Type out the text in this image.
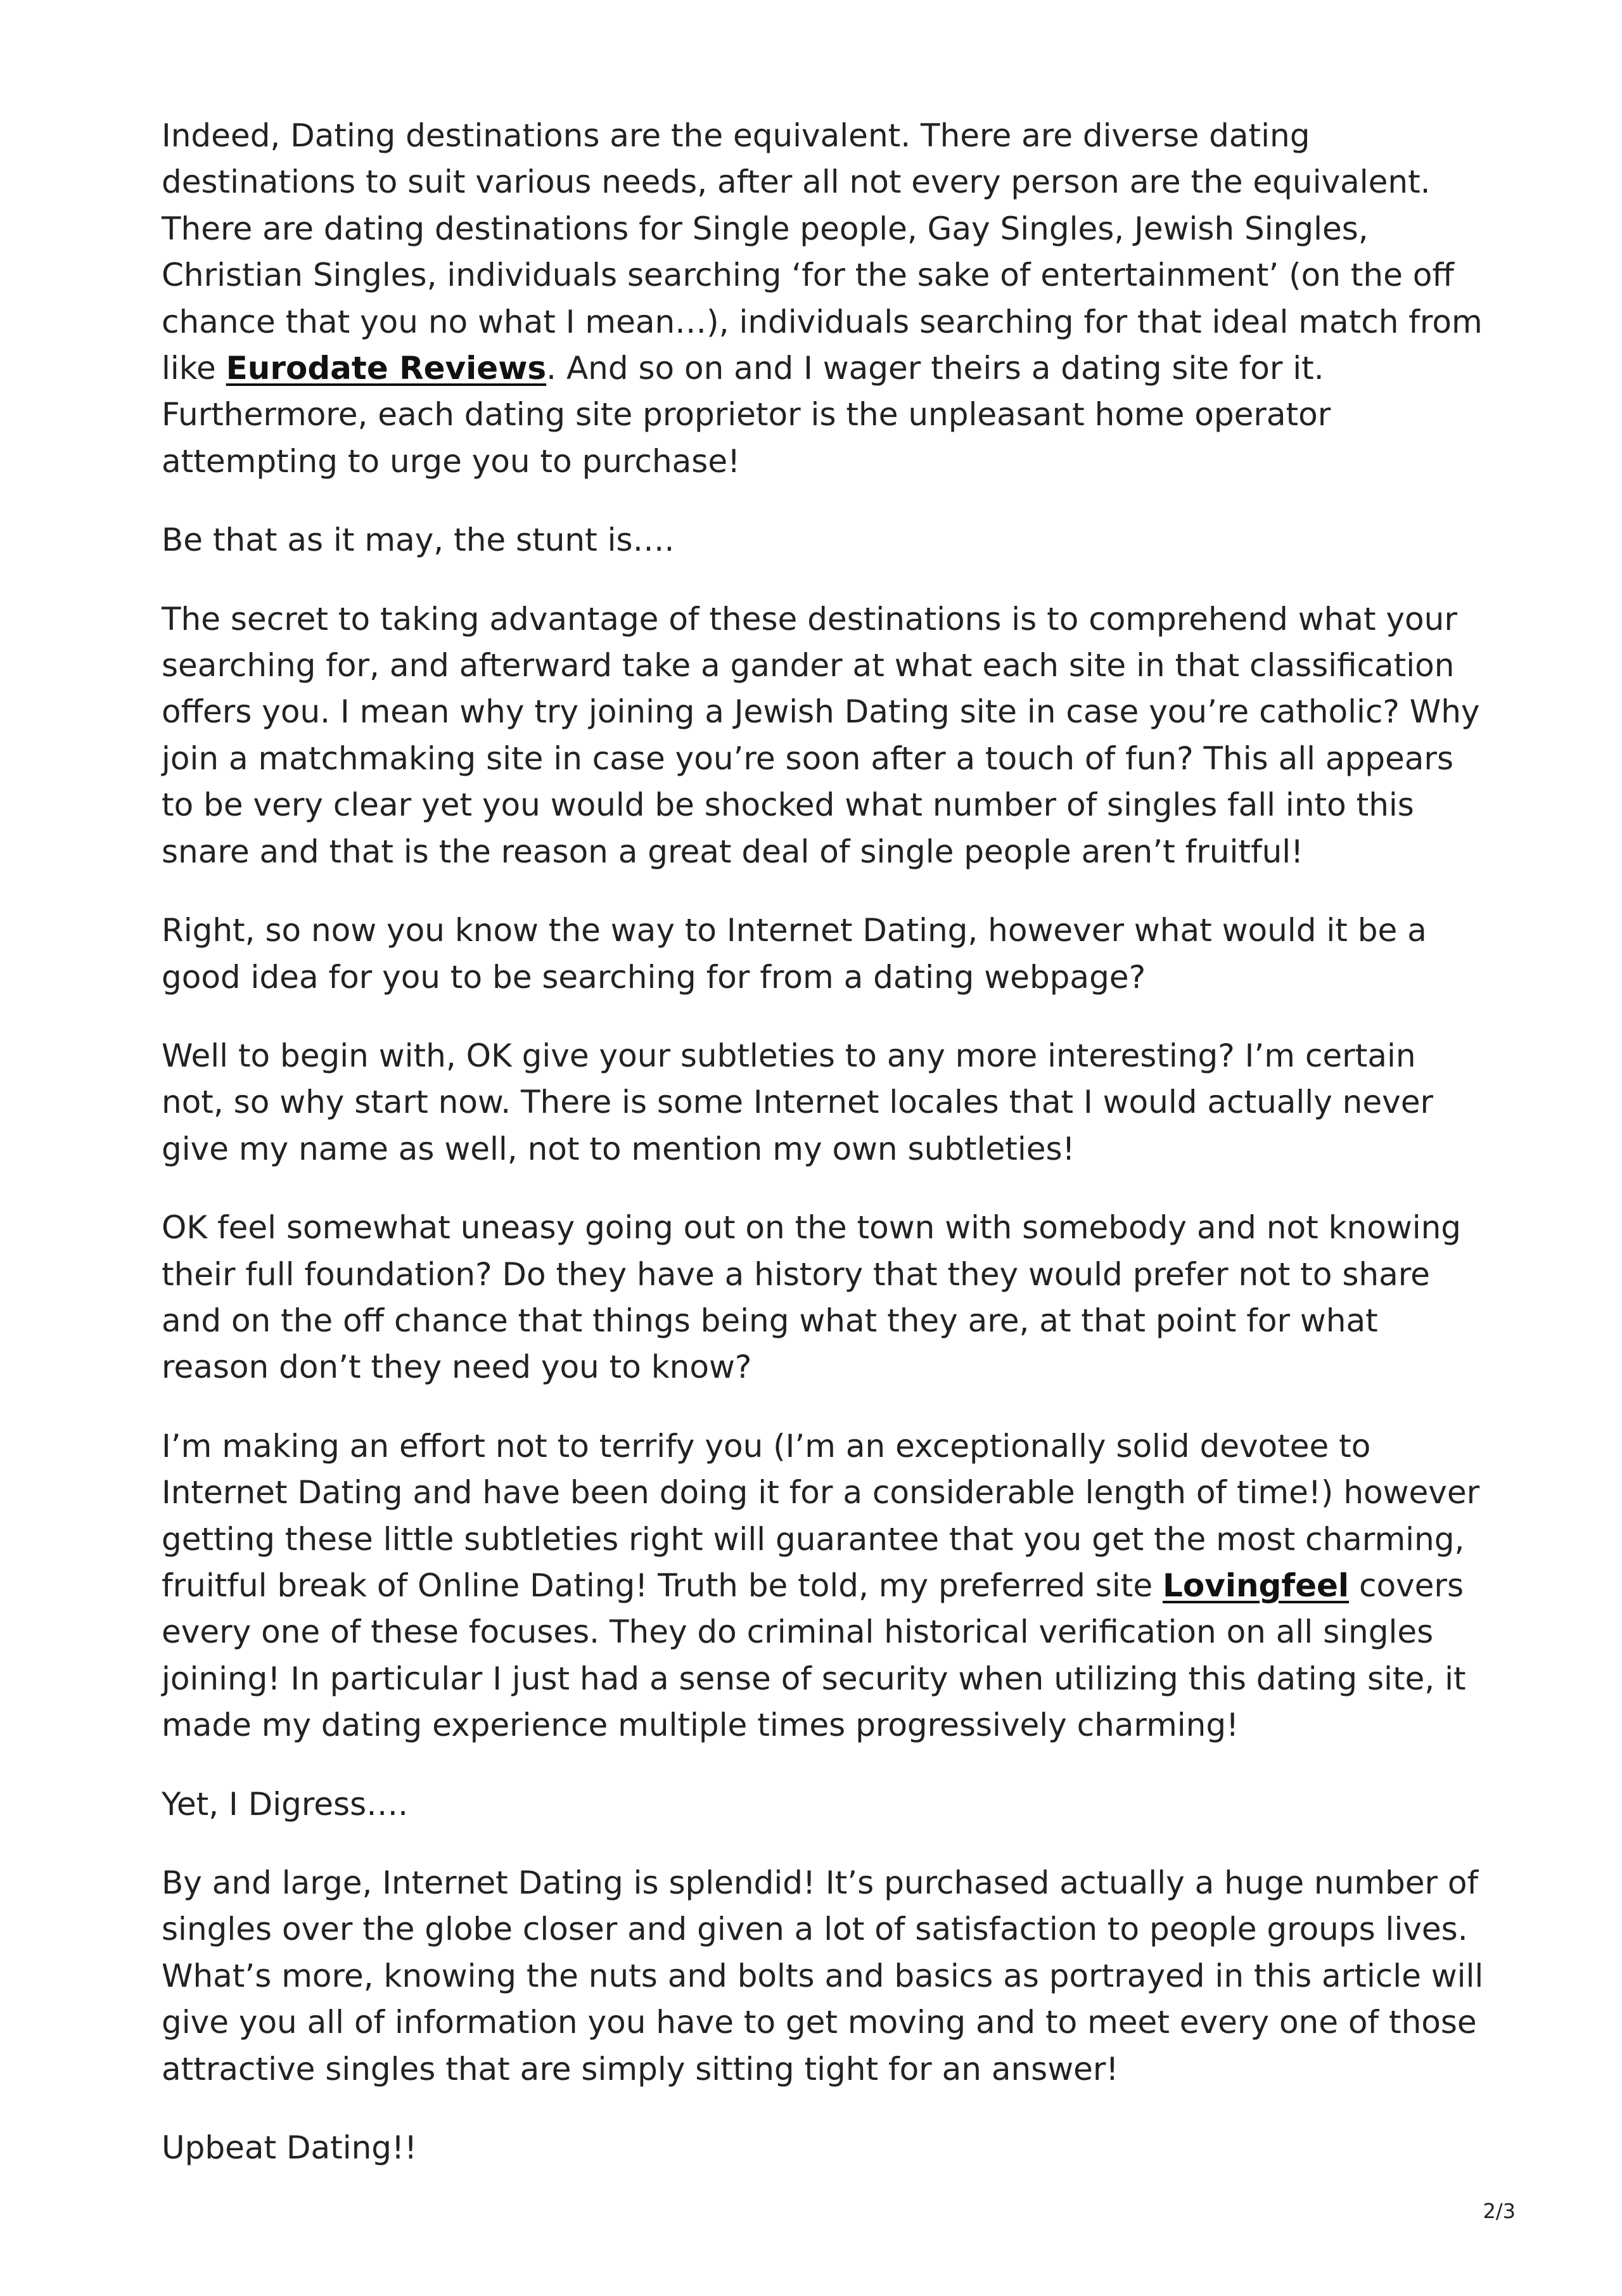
Indeed, Dating destinations are the equivalent. There are diverse dating destinations to suit various needs, after all not every person are the equivalent. There are dating destinations for Single people, Gay Singles, Jewish Singles, Christian Singles, individuals searching ‘for the sake of entertainment’ (on the off chance that you no what I mean…), individuals searching for that ideal match from like Eurodate Reviews. And so on and I wager theirs a dating site for it. Furthermore, each dating site proprietor is the unpleasant home operator attempting to urge you to purchase!

Be that as it may, the stunt is….

The secret to taking advantage of these destinations is to comprehend what your searching for, and afterward take a gander at what each site in that classification offers you. I mean why try joining a Jewish Dating site in case you’re catholic? Why join a matchmaking site in case you’re soon after a touch of fun? This all appears to be very clear yet you would be shocked what number of singles fall into this snare and that is the reason a great deal of single people aren’t fruitful!

Right, so now you know the way to Internet Dating, however what would it be a good idea for you to be searching for from a dating webpage?

Well to begin with, OK give your subtleties to any more interesting? I’m certain not, so why start now. There is some Internet locales that I would actually never give my name as well, not to mention my own subtleties!

OK feel somewhat uneasy going out on the town with somebody and not knowing their full foundation? Do they have a history that they would prefer not to share and on the off chance that things being what they are, at that point for what reason don’t they need you to know?

I’m making an effort not to terrify you (I’m an exceptionally solid devotee to Internet Dating and have been doing it for a considerable length of time!) however getting these little subtleties right will guarantee that you get the most charming, fruitful break of Online Dating! Truth be told, my preferred site Lovingfeel covers every one of these focuses. They do criminal historical verification on all singles joining! In particular I just had a sense of security when utilizing this dating site, it made my dating experience multiple times progressively charming!

Yet, I Digress….

By and large, Internet Dating is splendid! It’s purchased actually a huge number of singles over the globe closer and given a lot of satisfaction to people groups lives. What’s more, knowing the nuts and bolts and basics as portrayed in this article will give you all of information you have to get moving and to meet every one of those attractive singles that are simply sitting tight for an answer!

Upbeat Dating!!

2/3
